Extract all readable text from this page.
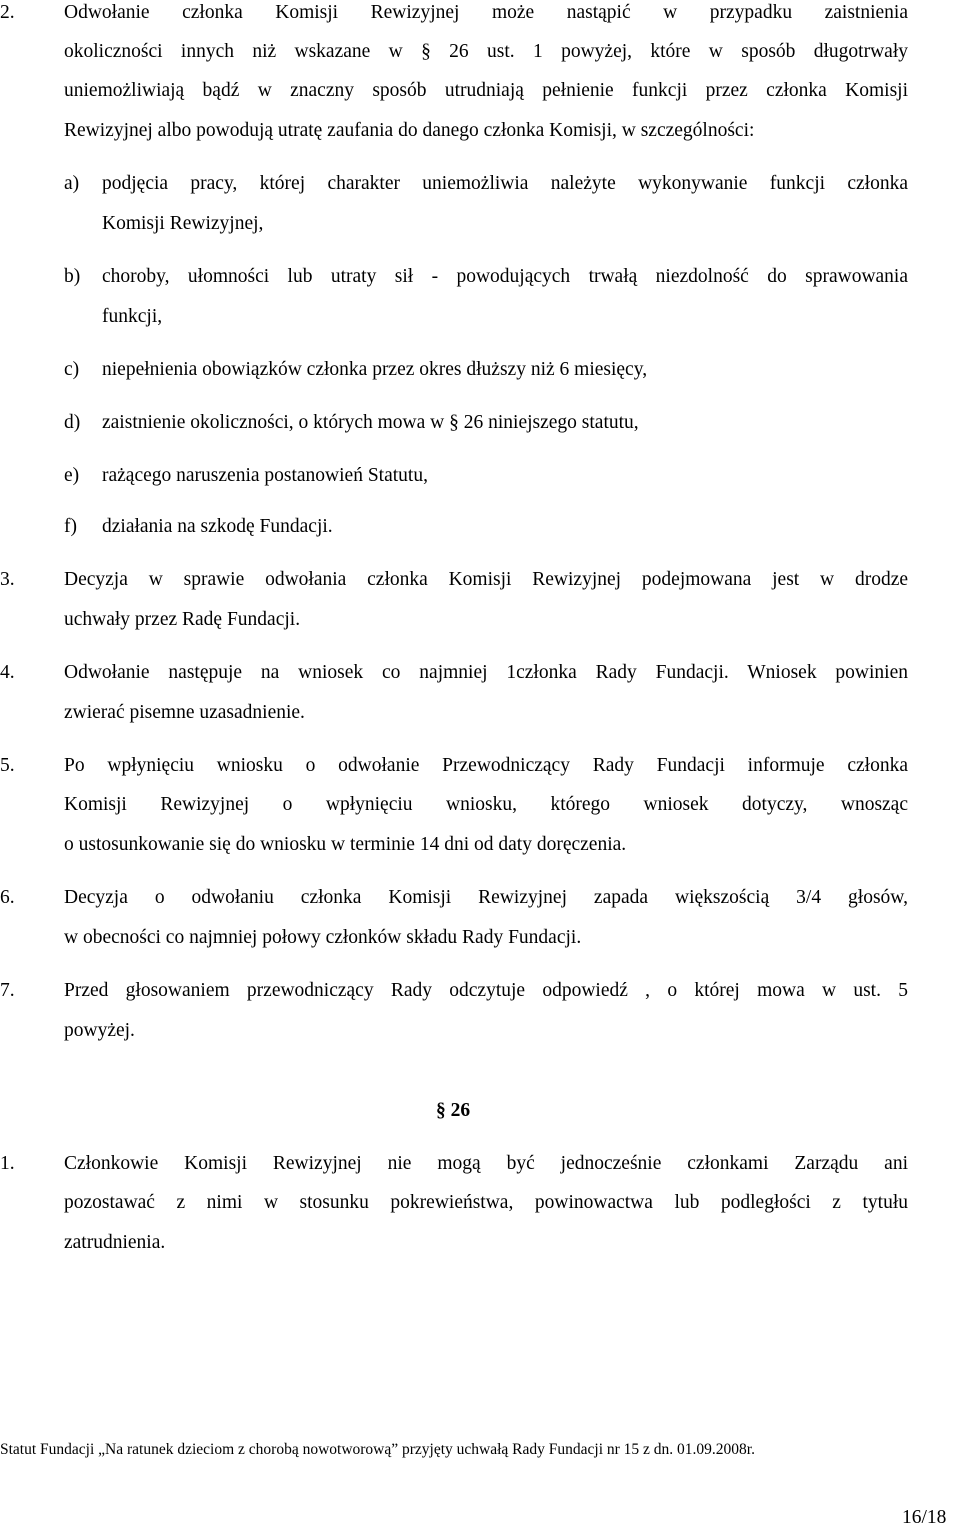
2.	Odwołanie członka Komisji Rewizyjnej może nastąpić w przypadku zaistnienia
okoliczności innych niż wskazane w § 26 ust. 1 powyżej, które w sposób długotrwały
uniemożliwiają bądź w znaczny sposób utrudniają pełnienie funkcji przez członka Komisji
Rewizyjnej albo powodują utratę zaufania do danego członka Komisji, w szczególności:
a) podjęcia pracy, której charakter uniemożliwia należyte wykonywanie funkcji członka
Komisji Rewizyjnej,
b) choroby, ułomności lub utraty sił - powodujących trwałą niezdolność do sprawowania
funkcji,
c) niepełnienia obowiązków członka przez okres dłuższy niż 6 miesięcy,
d) zaistnienie okoliczności, o których mowa w § 26 niniejszego statutu,
e) rażącego naruszenia postanowień Statutu,
f) działania na szkodę Fundacji.
3.	Decyzja w sprawie odwołania członka Komisji Rewizyjnej podejmowana jest w drodze
uchwały przez Radę Fundacji.
4.	Odwołanie następuje na wniosek co najmniej 1członka Rady Fundacji. Wniosek powinien
zwierać pisemne uzasadnienie.
5.	Po wpłynięciu wniosku o odwołanie Przewodniczący Rady Fundacji informuje członka
Komisji Rewizyjnej o wpłynięciu wniosku, którego wniosek dotyczy, wnosząc
o ustosunkowanie się do wniosku w terminie 14 dni od daty doręczenia.
6.	Decyzja o odwołaniu członka Komisji Rewizyjnej zapada większością 3/4 głosów,
w obecności co najmniej połowy członków składu Rady Fundacji.
7.	Przed głosowaniem przewodniczący Rady odczytuje odpowiedź , o której mowa w ust. 5
powyżej.
§ 26
1.	Członkowie Komisji Rewizyjnej nie mogą być jednocześnie członkami Zarządu ani
pozostawać z nimi w stosunku pokrewieństwa, powinowactwa lub podległości z tytułu
zatrudnienia.
Statut Fundacji „Na ratunek dzieciom z chorobą nowotworową” przyjęty uchwałą Rady Fundacji nr 15 z dn. 01.09.2008r.
16/18
